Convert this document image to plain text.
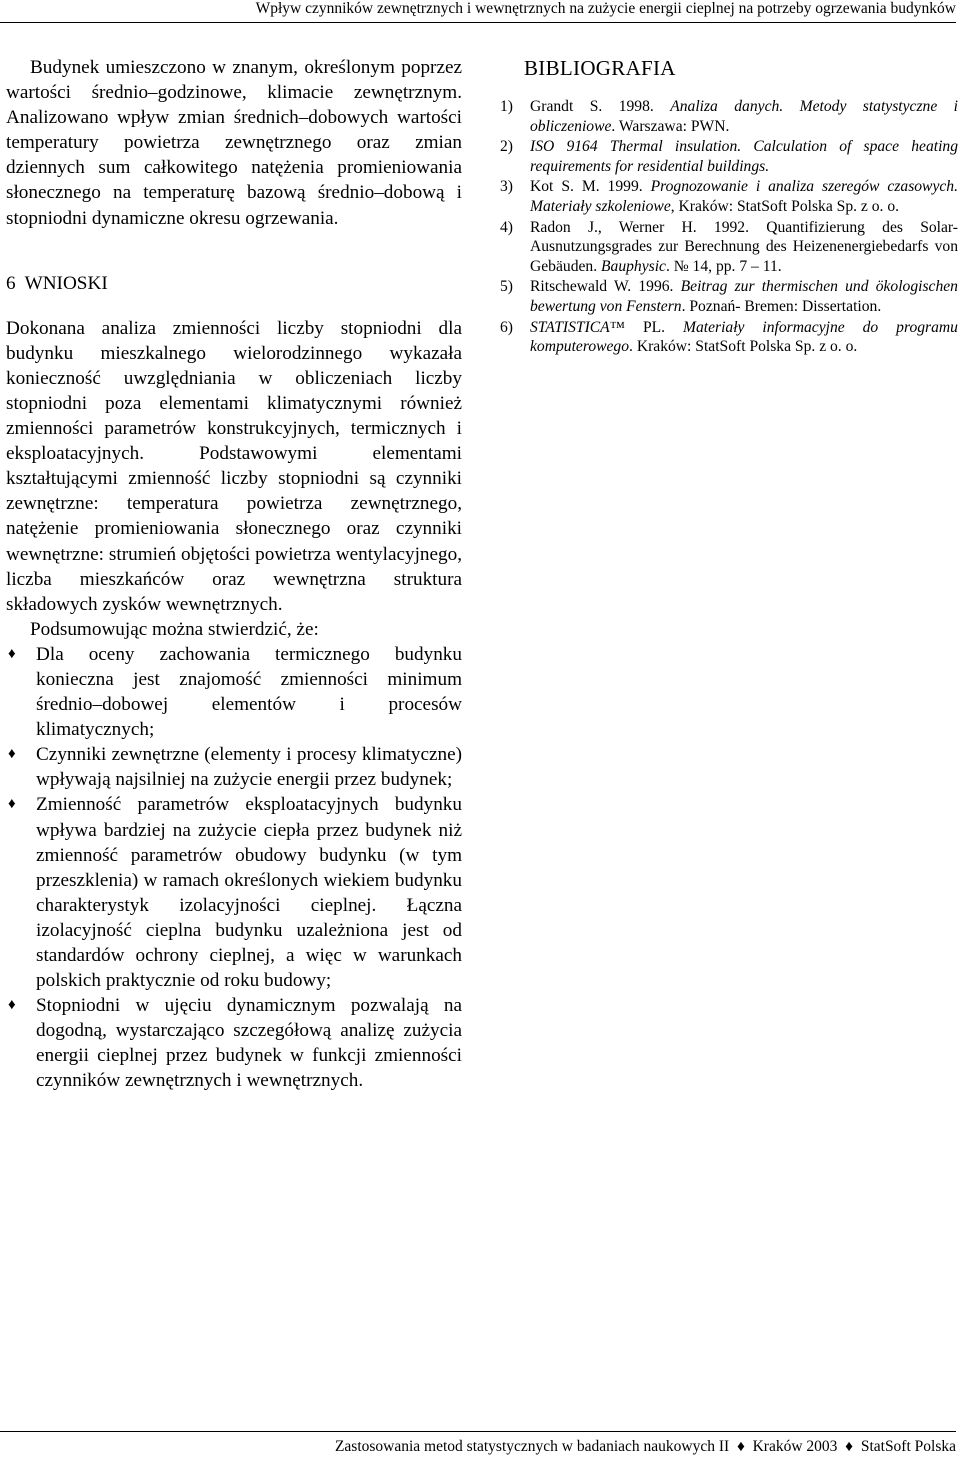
Wpływ czynników zewnętrznych i wewnętrznych na zużycie energii cieplnej na potrzeby ogrzewania budynków

Budynek umieszczono w znanym, określonym poprzez wartości średnio–godzinowe, klimacie zewnętrznym. Analizowano wpływ zmian średnich–dobowych wartości temperatury powietrza zewnętrznego oraz zmian dziennych sum całkowitego natężenia promieniowania słonecznego na temperaturę bazową średnio–dobową i stopniodni dynamiczne okresu ogrzewania.

6 WNIOSKI

Dokonana analiza zmienności liczby stopniodni dla budynku mieszkalnego wielorodzinnego wykazała konieczność uwzględniania w obliczeniach liczby stopniodni poza elementami klimatycznymi również zmienności parametrów konstrukcyjnych, termicznych i eksploatacyjnych. Podstawowymi elementami kształtującymi zmienność liczby stopniodni są czynniki zewnętrzne: temperatura powietrza zewnętrznego, natężenie promieniowania słonecznego oraz czynniki wewnętrzne: strumień objętości powietrza wentylacyjnego, liczba mieszkańców oraz wewnętrzna struktura składowych zysków wewnętrznych.

Podsumowując można stwierdzić, że:

♦ Dla oceny zachowania termicznego budynku konieczna jest znajomość zmienności minimum średnio–dobowej elementów i procesów klimatycznych;
♦ Czynniki zewnętrzne (elementy i procesy klimatyczne) wpływają najsilniej na zużycie energii przez budynek;
♦ Zmienność parametrów eksploatacyjnych budynku wpływa bardziej na zużycie ciepła przez budynek niż zmienność parametrów obudowy budynku (w tym przeszklenia) w ramach określonych wiekiem budynku charakterystyk izolacyjności cieplnej. Łączna izolacyjność cieplna budynku uzależniona jest od standardów ochrony cieplnej, a więc w warunkach polskich praktycznie od roku budowy;
♦ Stopniodni w ujęciu dynamicznym pozwalają na dogodną, wystarczająco szczegółową analizę zużycia energii cieplnej przez budynek w funkcji zmienności czynników zewnętrznych i wewnętrznych.
BIBLIOGRAFIA
1) Grandt S. 1998. Analiza danych. Metody statystyczne i obliczeniowe. Warszawa: PWN.
2) ISO 9164 Thermal insulation. Calculation of space heating requirements for residential buildings.
3) Kot S. M. 1999. Prognozowanie i analiza szeregów czasowych. Materiały szkoleniowe, Kraków: StatSoft Polska Sp. z o. o.
4) Radon J., Werner H. 1992. Quantifizierung des Solar-Ausnutzungsgrades zur Berechnung des Heizenenergiebedarfs von Gebäuden. Bauphysic. № 14, pp. 7 – 11.
5) Ritschewald W. 1996. Beitrag zur thermischen und ökologischen bewertung von Fenstern. Poznań- Bremen: Dissertation.
6) STATISTICA™ PL. Materiały informacyjne do programu komputerowego. Kraków: StatSoft Polska Sp. z o. o.
Zastosowania metod statystycznych w badaniach naukowych II  ♦  Kraków 2003  ♦  StatSoft Polska
